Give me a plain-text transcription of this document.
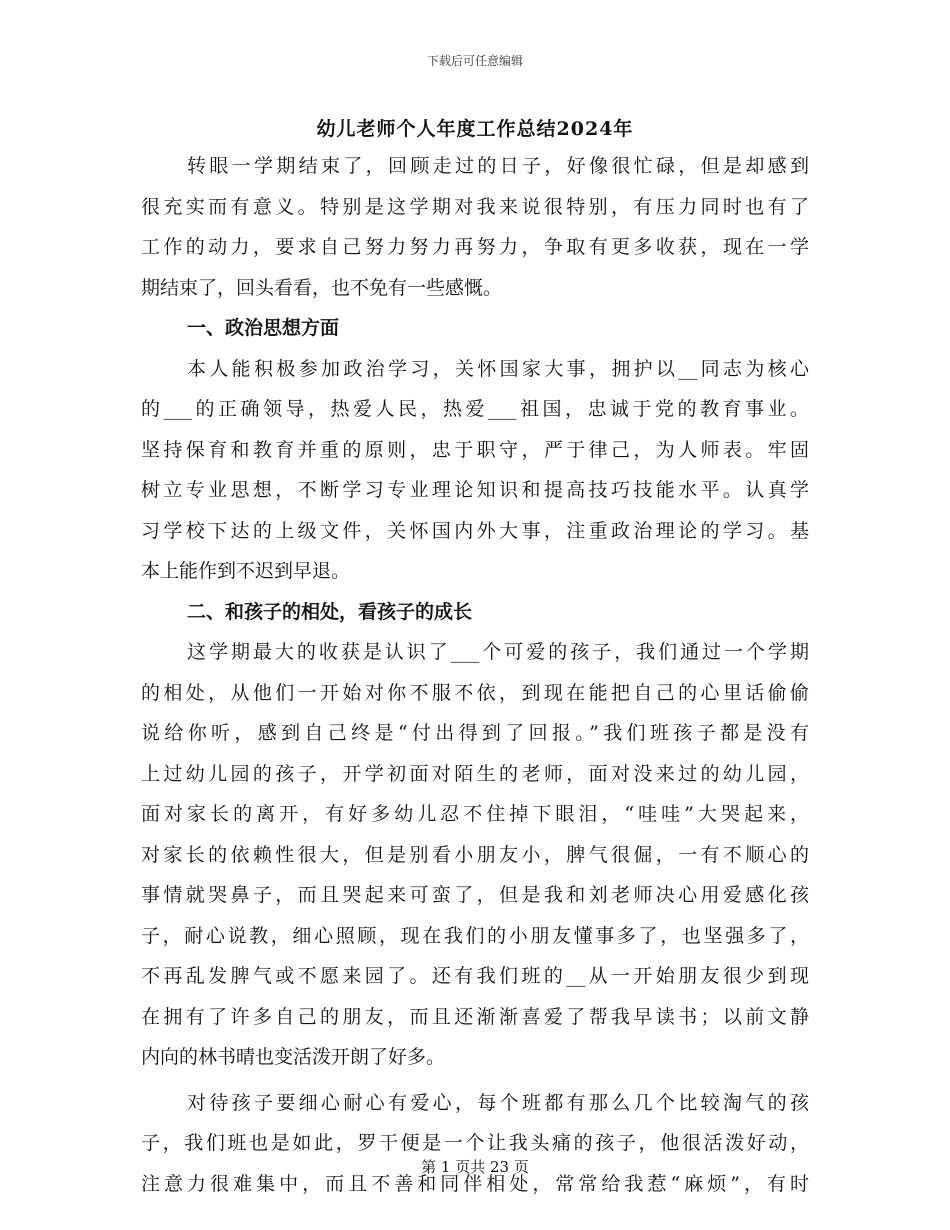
下载后可任意编辑
幼儿老师个人年度工作总结2024年
转眼一学期结束了，回顾走过的日子，好像很忙碌，但是却感到
很充实而有意义。特别是这学期对我来说很特别，有压力同时也有了
工作的动力，要求自己努力努力再努力，争取有更多收获，现在一学
期结束了，回头看看，也不免有一些感慨。
一、政治思想方面
本人能积极参加政治学习，关怀国家大事，拥护以__同志为核心
的___的正确领导，热爱人民，热爱___祖国，忠诚于党的教育事业。
坚持保育和教育并重的原则，忠于职守，严于律己，为人师表。牢固
树立专业思想，不断学习专业理论知识和提高技巧技能水平。认真学
习学校下达的上级文件，关怀国内外大事，注重政治理论的学习。基
本上能作到不迟到早退。
二、和孩子的相处，看孩子的成长
这学期最大的收获是认识了___个可爱的孩子，我们通过一个学期
的相处，从他们一开始对你不服不依，到现在能把自己的心里话偷偷
说给你听，感到自己终是“付出得到了回报。”我们班孩子都是没有
上过幼儿园的孩子，开学初面对陌生的老师，面对没来过的幼儿园，
面对家长的离开，有好多幼儿忍不住掉下眼泪，“哇哇”大哭起来，
对家长的依赖性很大，但是别看小朋友小，脾气很倔，一有不顺心的
事情就哭鼻子，而且哭起来可蛮了，但是我和刘老师决心用爱感化孩
子，耐心说教，细心照顾，现在我们的小朋友懂事多了，也坚强多了，
不再乱发脾气或不愿来园了。还有我们班的__从一开始朋友很少到现
在拥有了许多自己的朋友，而且还渐渐喜爱了帮我早读书；以前文静
内向的林书晴也变活泼开朗了好多。
对待孩子要细心耐心有爱心，每个班都有那么几个比较淘气的孩
子，我们班也是如此，罗干便是一个让我头痛的孩子，他很活泼好动，
注意力很难集中，而且不善和同伴相处，常常给我惹“麻烦”，有时
第 1 页共 23 页
